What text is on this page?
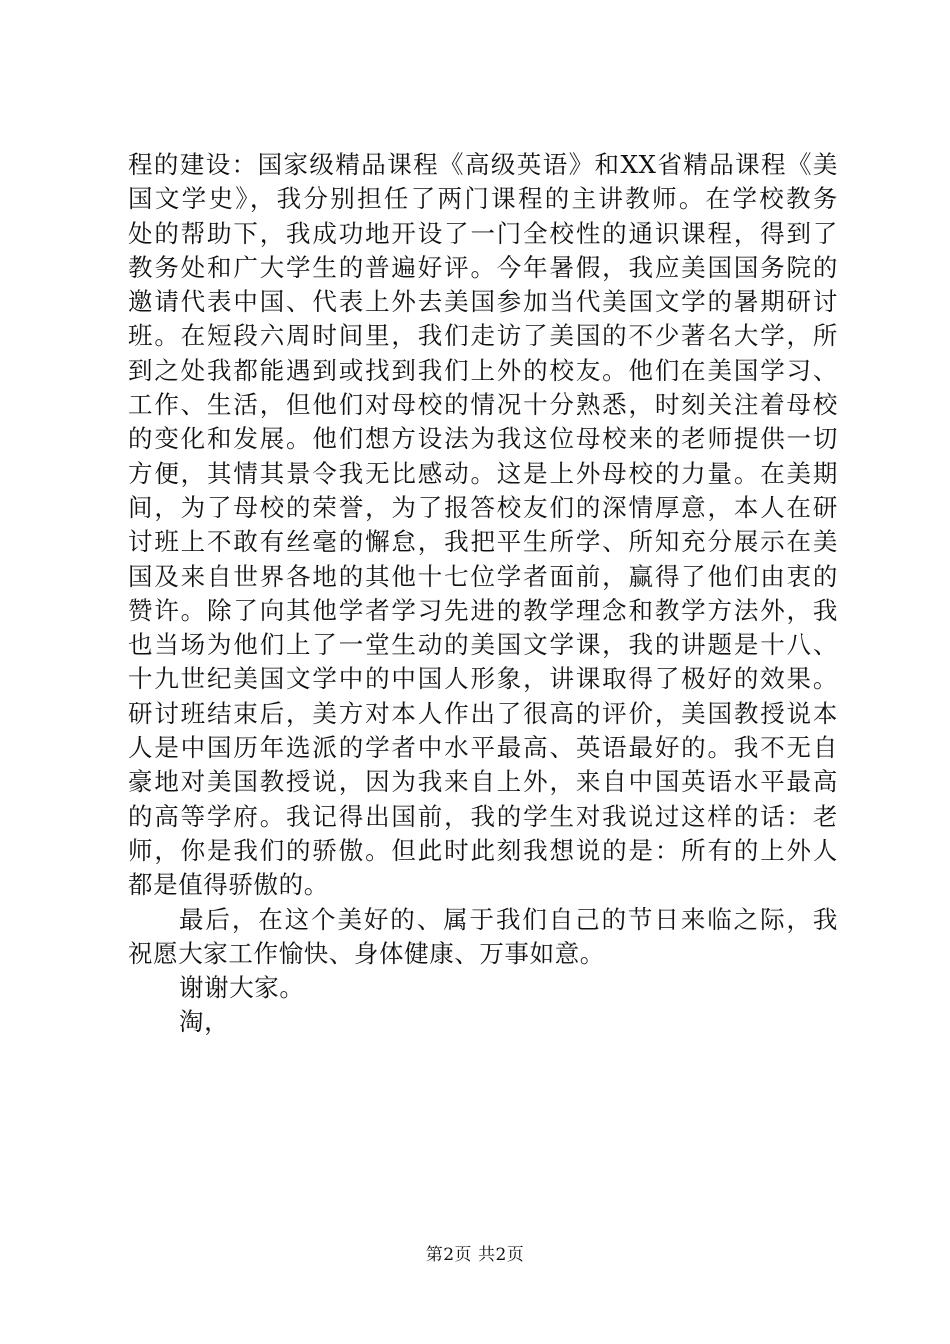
程的建设：国家级精品课程《高级英语》和XX省精品课程《美
国文学史》，我分别担任了两门课程的主讲教师。在学校教务
处的帮助下，我成功地开设了一门全校性的通识课程，得到了
教务处和广大学生的普遍好评。今年暑假，我应美国国务院的
邀请代表中国、代表上外去美国参加当代美国文学的暑期研讨
班。在短段六周时间里，我们走访了美国的不少著名大学，所
到之处我都能遇到或找到我们上外的校友。他们在美国学习、
工作、生活，但他们对母校的情况十分熟悉，时刻关注着母校
的变化和发展。他们想方设法为我这位母校来的老师提供一切
方便，其情其景令我无比感动。这是上外母校的力量。在美期
间，为了母校的荣誉，为了报答校友们的深情厚意，本人在研
讨班上不敢有丝毫的懈怠，我把平生所学、所知充分展示在美
国及来自世界各地的其他十七位学者面前，赢得了他们由衷的
赞许。除了向其他学者学习先进的教学理念和教学方法外，我
也当场为他们上了一堂生动的美国文学课，我的讲题是十八、
十九世纪美国文学中的中国人形象，讲课取得了极好的效果。
研讨班结束后，美方对本人作出了很高的评价，美国教授说本
人是中国历年选派的学者中水平最高、英语最好的。我不无自
豪地对美国教授说，因为我来自上外，来自中国英语水平最高
的高等学府。我记得出国前，我的学生对我说过这样的话：老
师，你是我们的骄傲。但此时此刻我想说的是：所有的上外人
都是值得骄傲的。
最后，在这个美好的、属于我们自己的节日来临之际，我
祝愿大家工作愉快、身体健康、万事如意。
谢谢大家。
淘，
第2页 共2页
